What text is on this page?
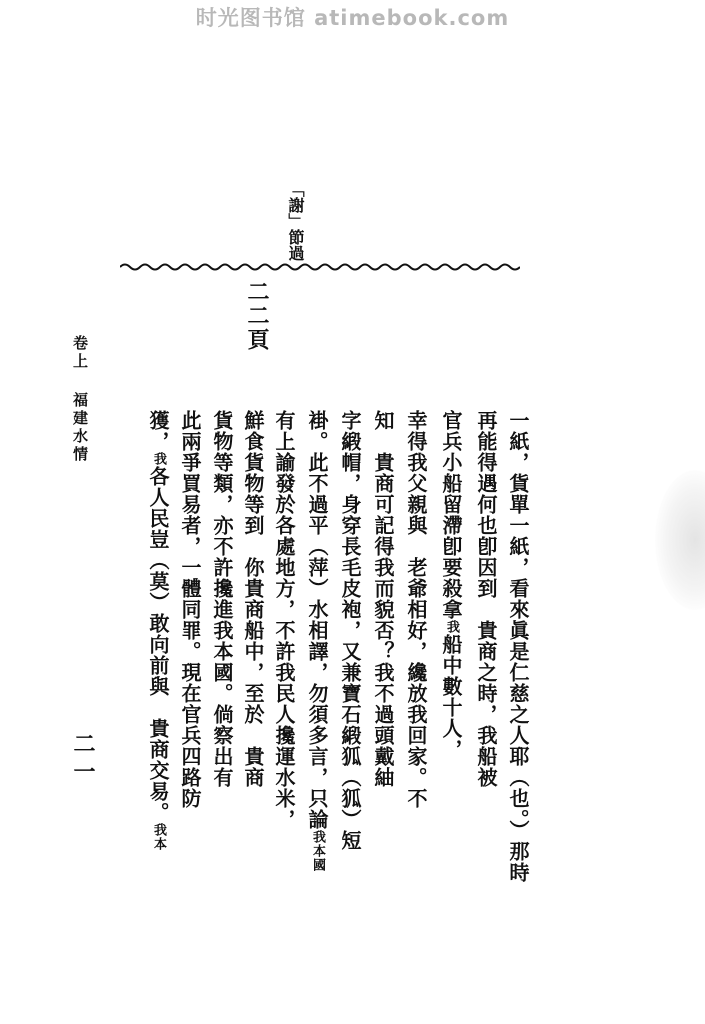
时光图书馆 atimebook.com
「謝」節過
二二頁
卷上 福建水情
二一	一紙，貨單一紙，看來眞是仁慈之人耶（也。）那時
再能得遇何也卽因到　貴商之時，我船被
官兵小船留滯卽要殺拿我船中數十人，
幸得我父親與　老爺相好，纔放我回家。不
知　貴商可記得我而貌否？我不過頭戴紬
字緞帽，身穿長毛皮袍，又兼寶石緞狐（狐）短
褂。此不過平（萍）水相譯，勿須多言，只論我本國
有上諭發於各處地方，不許我民人攙運水米，
鮮食貨物等到　你貴商船中，至於　貴商
貨物等類，亦不許攙進我本國。倘察出有
此兩爭買易者，一體同罪。現在官兵四路防
獲，我各人民豈（莫）敢向前與　貴商交易。我本
